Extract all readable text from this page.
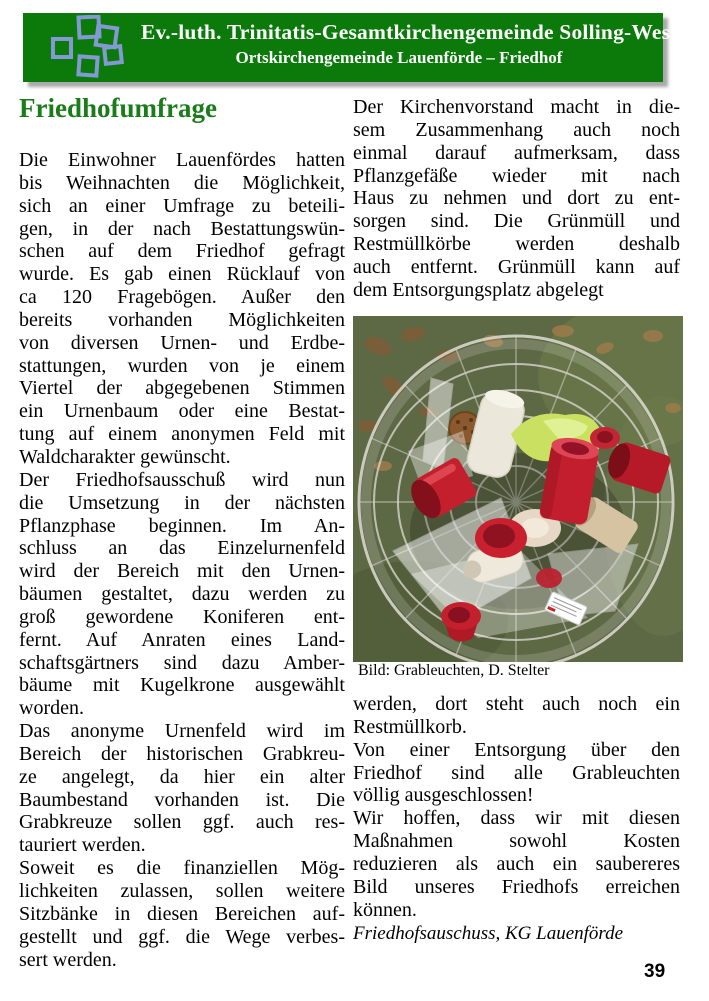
Ev.-luth. Trinitatis-Gesamtkirchengemeinde Solling-Weser
Ortskirchengemeinde Lauenförde – Friedhof
Friedhofumfrage
Die Einwohner Lauenfördes hatten
bis Weihnachten die Möglichkeit,
sich an einer Umfrage zu beteili-
gen, in der nach Bestattungswün-
schen auf dem Friedhof gefragt
wurde. Es gab einen Rücklauf von
ca 120 Fragebögen. Außer den
bereits vorhanden Möglichkeiten
von diversen Urnen- und Erdbe-
stattungen, wurden von je einem
Viertel der abgegebenen Stimmen
ein Urnenbaum oder eine Bestat-
tung auf einem anonymen Feld mit
Waldcharakter gewünscht.
Der Friedhofsausschuß wird nun
die Umsetzung in der nächsten
Pflanzphase beginnen. Im An-
schluss an das Einzelurnenfeld
wird der Bereich mit den Urnen-
bäumen gestaltet, dazu werden zu
groß gewordene Koniferen ent-
fernt. Auf Anraten eines Land-
schaftsgärtners sind dazu Amber-
bäume mit Kugelkrone ausgewählt
worden.
Das anonyme Urnenfeld wird im
Bereich der historischen Grabkreu-
ze angelegt, da hier ein alter
Baumbestand vorhanden ist. Die
Grabkreuze sollen ggf. auch res-
tauriert werden.
Soweit es die finanziellen Mög-
lichkeiten zulassen, sollen weitere
Sitzbänke in diesen Bereichen auf-
gestellt und ggf. die Wege verbes-
sert werden.
Der Kirchenvorstand macht in die-
sem Zusammenhang auch noch
einmal darauf aufmerksam, dass
Pflanzgefäße wieder mit nach
Haus zu nehmen und dort zu ent-
sorgen sind. Die Grünmüll und
Restmüllkörbe werden deshalb
auch entfernt. Grünmüll kann auf
dem Entsorgungsplatz abgelegt
Bild: Grableuchten, D. Stelter
werden, dort steht auch noch ein
Restmüllkorb.
Von einer Entsorgung über den
Friedhof sind alle Grableuchten
völlig ausgeschlossen!
Wir hoffen, dass wir mit diesen
Maßnahmen sowohl Kosten
reduzieren als auch ein saubereres
Bild unseres Friedhofs erreichen
können.
Friedhofsauschuss, KG Lauenförde
39
